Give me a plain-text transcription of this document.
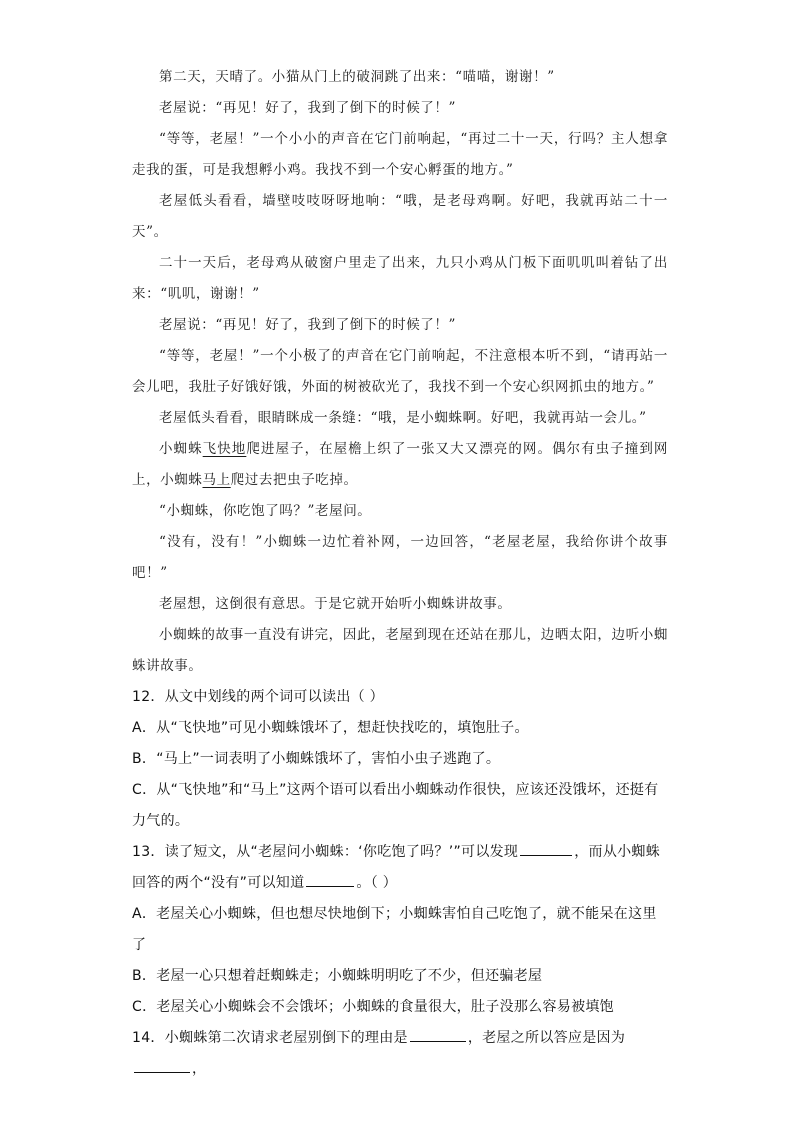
第二天，天晴了。小猫从门上的破洞跳了出来：“喵喵，谢谢！”

老屋说：“再见！好了，我到了倒下的时候了！”

“等等，老屋！”一个小小的声音在它门前响起，“再过二十一天，行吗？主人想拿走我的蛋，可是我想孵小鸡。我找不到一个安心孵蛋的地方。”

老屋低头看看，墙壁吱吱呀呀地响：“哦，是老母鸡啊。好吧，我就再站二十一天”。

二十一天后，老母鸡从破窗户里走了出来，九只小鸡从门板下面叽叽叫着钻了出来：“叽叽，谢谢！”

老屋说：“再见！好了，我到了倒下的时候了！”

“等等，老屋！”一个小极了的声音在它门前响起，不注意根本听不到，“请再站一会儿吧，我肚子好饿好饿，外面的树被砍光了，我找不到一个安心织网抓虫的地方。”

老屋低头看看，眼睛眯成一条缝：“哦，是小蜘蛛啊。好吧，我就再站一会儿。”

小蜘蛛飞快地爬进屋子，在屋檐上织了一张又大又漂亮的网。偶尔有虫子撞到网上，小蜘蛛马上爬过去把虫子吃掉。

“小蜘蛛，你吃饱了吗？”老屋问。

“没有，没有！”小蜘蛛一边忙着补网，一边回答，“老屋老屋，我给你讲个故事吧！”

老屋想，这倒很有意思。于是它就开始听小蜘蛛讲故事。

小蜘蛛的故事一直没有讲完，因此，老屋到现在还站在那儿，边晒太阳，边听小蜘蛛讲故事。

12．从文中划线的两个词可以读出（ ）

A．从“飞快地”可见小蜘蛛饿坏了，想赶快找吃的，填饱肚子。

B．“马上”一词表明了小蜘蛛饿坏了，害怕小虫子逃跑了。

C．从“飞快地”和“马上”这两个语可以看出小蜘蛛动作很快，应该还没饿坏，还挺有力气的。

13．读了短文，从“老屋问小蜘蛛：‘你吃饱了吗？’”可以发现	，而从小蜘蛛回答的两个“没有”可以知道	。（ ）

A．老屋关心小蜘蛛，但也想尽快地倒下；小蜘蛛害怕自己吃饱了，就不能呆在这里了

B．老屋一心只想着赶蜘蛛走；小蜘蛛明明吃了不少，但还骗老屋

C．老屋关心小蜘蛛会不会饿坏；小蜘蛛的食量很大，肚子没那么容易被填饱

14．小蜘蛛第二次请求老屋别倒下的理由是	，老屋之所以答应是因为，
